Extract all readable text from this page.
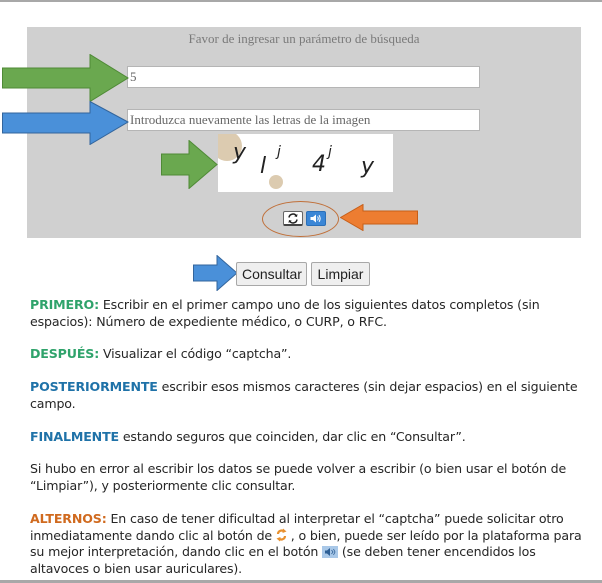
Favor de ingresar un parámetro de búsqueda
5
Introduzca nuevamente las letras de la imagen
y
l
j 4 j
y
Consultar	Limpiar
PRIMERO: Escribir en el primer campo uno de los siguientes datos completos (sin espacios): Número de expediente médico, o CURP, o RFC.
DESPUÉS: Visualizar el código “captcha”.
POSTERIORMENTE escribir esos mismos caracteres (sin dejar espacios) en el siguiente campo.
FINALMENTE estando seguros que coinciden, dar clic en “Consultar”.
Si hubo en error al escribir los datos se puede volver a escribir (o bien usar el botón de “Limpiar”), y posteriormente clic consultar.
ALTERNOS: En caso de tener dificultad al interpretar el “captcha” puede solicitar otro inmediatamente dando clic al botón de  , o bien, puede ser leído por la plataforma para su mejor interpretación, dando clic en el botón  (se deben tener encendidos los altavoces o bien usar auriculares).
